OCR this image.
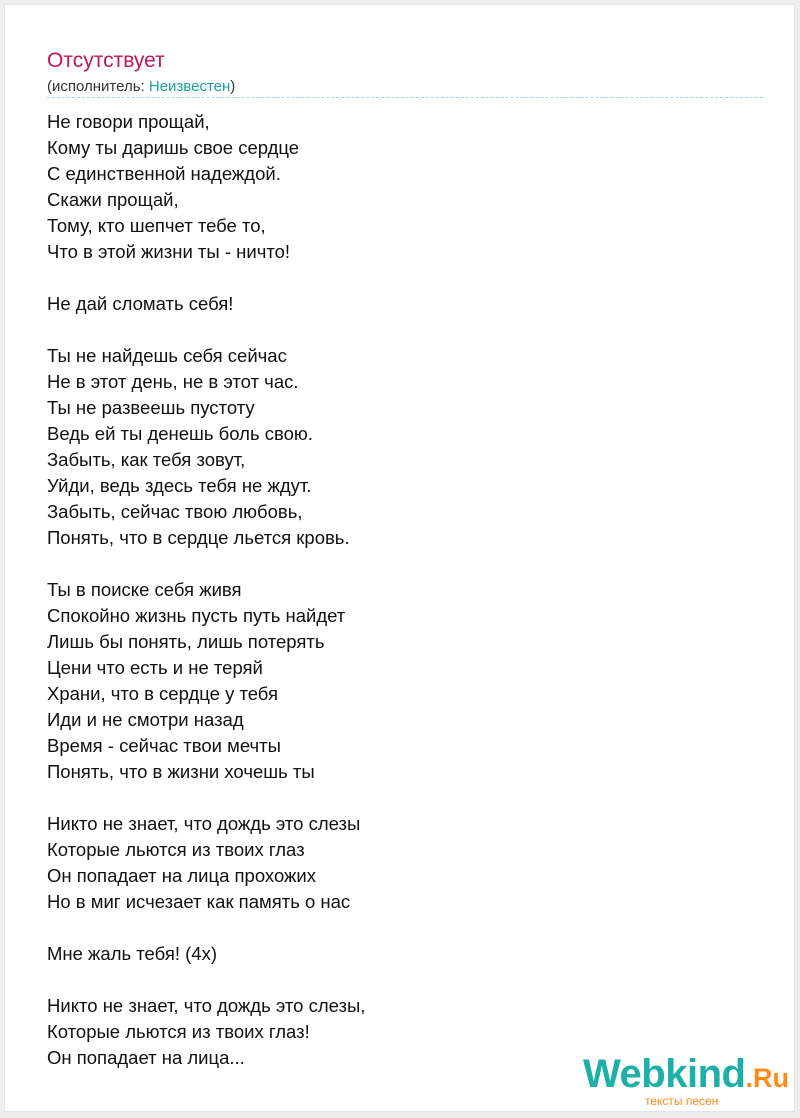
Отсутствует
(исполнитель: Неизвестен)
Не говори прощай,
Кому ты даришь свое сердце
С единственной надеждой.
Скажи прощай,
Тому, кто шепчет тебе то,
Что в этой жизни ты - ничто!
Не дай сломать себя!
Ты не найдешь себя сейчас
Не в этот день, не в этот час.
Ты не развеешь пустоту
Ведь ей ты денешь боль свою.
Забыть, как тебя зовут,
Уйди, ведь здесь тебя не ждут.
Забыть, сейчас твою любовь,
Понять, что в сердце льется кровь.
Ты в поиске себя живя
Спокойно жизнь пусть путь найдет
Лишь бы понять, лишь потерять
Цени что есть и не теряй
Храни, что в сердце у тебя
Иди и не смотри назад
Время - сейчас твои мечты
Понять, что в жизни хочешь ты
Никто не знает, что дождь это слезы
Которые льются из твоих глаз
Он попадает на лица прохожих
Но в миг исчезает как память о нас
Мне жаль тебя! (4х)
Никто не знает, что дождь это слезы,
Которые льются из твоих глаз!
Он попадает на лица...	Webkind.Ru
тексты песен
